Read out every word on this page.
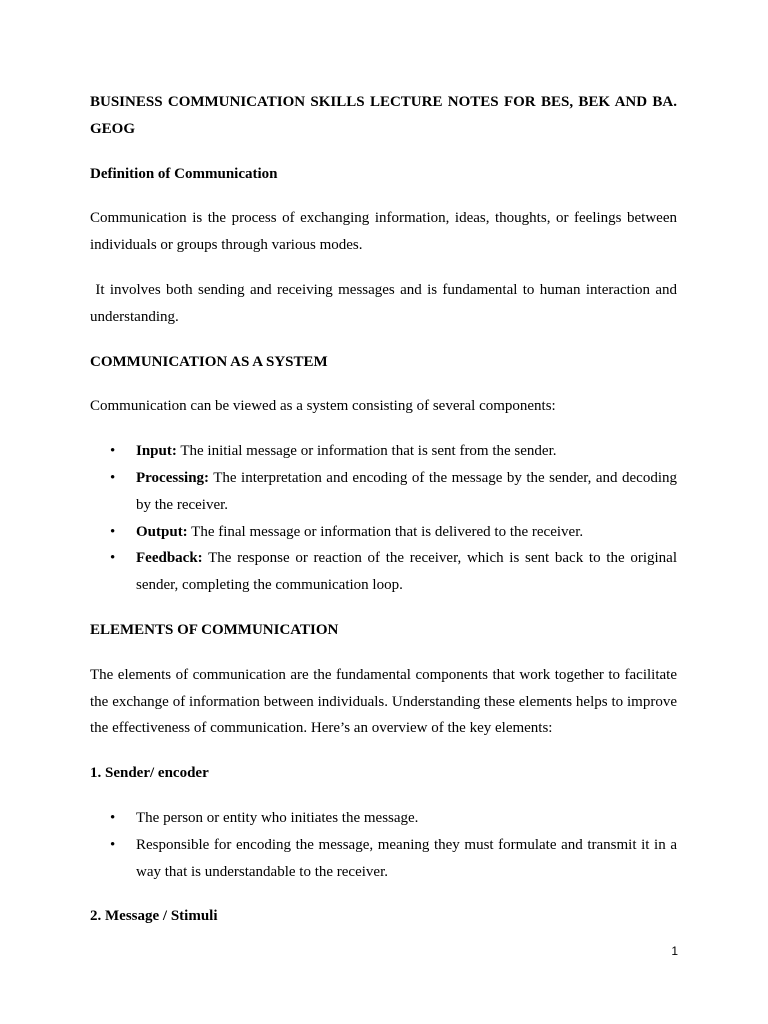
BUSINESS COMMUNICATION SKILLS LECTURE NOTES FOR BES, BEK AND BA. GEOG

Definition of Communication

Communication is the process of exchanging information, ideas, thoughts, or feelings between individuals or groups through various modes.

It involves both sending and receiving messages and is fundamental to human interaction and understanding.

COMMUNICATION AS A SYSTEM

Communication can be viewed as a system consisting of several components:

• Input: The initial message or information that is sent from the sender.
• Processing: The interpretation and encoding of the message by the sender, and decoding by the receiver.
• Output: The final message or information that is delivered to the receiver.
• Feedback: The response or reaction of the receiver, which is sent back to the original sender, completing the communication loop.

ELEMENTS OF COMMUNICATION

The elements of communication are the fundamental components that work together to facilitate the exchange of information between individuals. Understanding these elements helps to improve the effectiveness of communication. Here’s an overview of the key elements:

1. Sender/ encoder

• The person or entity who initiates the message.
• Responsible for encoding the message, meaning they must formulate and transmit it in a way that is understandable to the receiver.

2. Message / Stimuli

1
